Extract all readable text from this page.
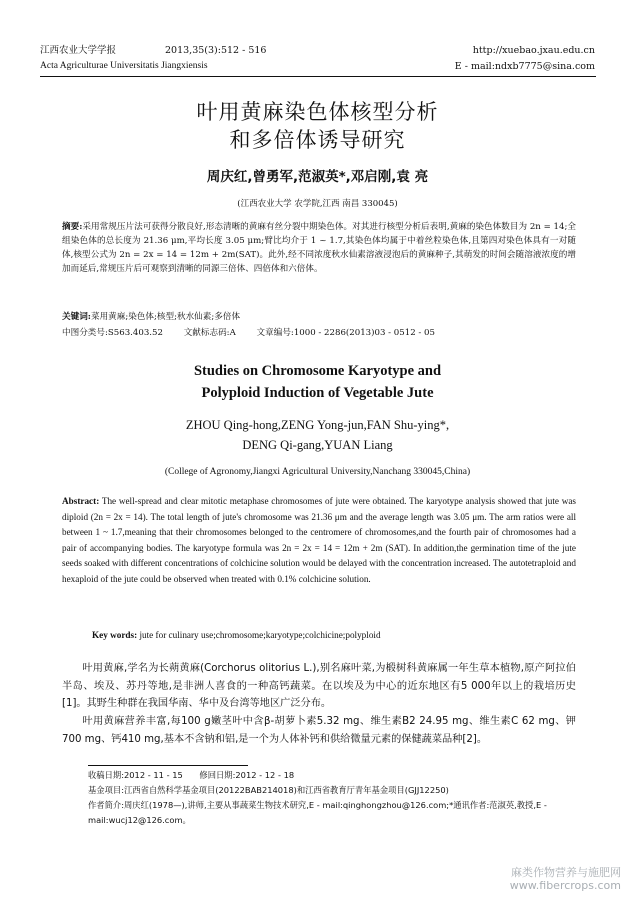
江西农业大学学报	2013,35(3):512 - 516
Acta Agriculturae Universitatis Jiangxiensis
http://xuebao.jxau.edu.cn
E - mail:ndxb7775@sina.com
叶用黄麻染色体核型分析
和多倍体诱导研究
周庆红,曾勇军,范淑英*,邓启刚,袁 亮
(江西农业大学 农学院,江西 南昌 330045)
摘要:采用常规压片法可获得分散良好,形态清晰的黄麻有丝分裂中期染色体。对其进行核型分析后表明,黄麻的染色体数目为 2n = 14;全组染色体的总长度为 21.36 μm,平均长度 3.05 μm;臂比均介于 1 ~ 1.7,其染色体均属于中着丝粒染色体,且第四对染色体具有一对随体,核型公式为 2n = 2x = 14 = 12m + 2m(SAT)。此外,经不同浓度秋水仙素溶液浸泡后的黄麻种子,其萌发的时间会随溶液浓度的增加而延后,常规压片后可观察到清晰的同源三倍体、四倍体和六倍体。
关键词:菜用黄麻;染色体;核型;秋水仙素;多倍体
中图分类号:S563.403.52 文献标志码:A 文章编号:1000 - 2286(2013)03 - 0512 - 05
Studies on Chromosome Karyotype and
Polyploid Induction of Vegetable Jute
ZHOU Qing-hong,ZENG Yong-jun,FAN Shu-ying*,
DENG Qi-gang,YUAN Liang
(College of Agronomy,Jiangxi Agricultural University,Nanchang 330045,China)
Abstract: The well-spread and clear mitotic metaphase chromosomes of jute were obtained. The karyotype analysis showed that jute was diploid (2n = 2x = 14). The total length of jute's chromosome was 21.36 μm and the average length was 3.05 μm. The arm ratios were all between 1 ~ 1.7,meaning that their chromosomes belonged to the centromere of chromosomes,and the fourth pair of chromosomes had a pair of accompanying bodies. The karyotype formula was 2n = 2x = 14 = 12m + 2m (SAT). In addition,the germination time of the jute seeds soaked with different concentrations of colchicine solution would be delayed with the concentration increased. The autotetraploid and hexaploid of the jute could be observed when treated with 0.1% colchicine solution.
Key words: jute for culinary use;chromosome;karyotype;colchicine;polyploid
叶用黄麻,学名为长蒴黄麻(Corchorus olitorius L.),别名麻叶菜,为椴树科黄麻属一年生草本植物,原产阿拉伯半岛、埃及、苏丹等地,是非洲人喜食的一种高钙蔬菜。在以埃及为中心的近东地区有5 000年以上的栽培历史[1]。其野生种群在我国华南、华中及台湾等地区广泛分布。
叶用黄麻营养丰富,每100 g嫩茎叶中含β-胡萝卜素5.32 mg、维生素B2 24.95 mg、维生素C 62 mg、钾700 mg、钙410 mg,基本不含钠和铝,是一个为人体补钙和供给微量元素的保健蔬菜品种[2]。
收稿日期:2012 - 11 - 15 修回日期:2012 - 12 - 18
基金项目:江西省自然科学基金项目(20122BAB214018)和江西省教育厅青年基金项目(GJJ12250)
作者简介:周庆红(1978—),讲师,主要从事蔬菜生物技术研究,E - mail:qinghongzhou@126.com;*通讯作者:范淑英,教授,E - mail:wucj12@126.com。
麻类作物营养与施肥网
www.fibercrops.com
